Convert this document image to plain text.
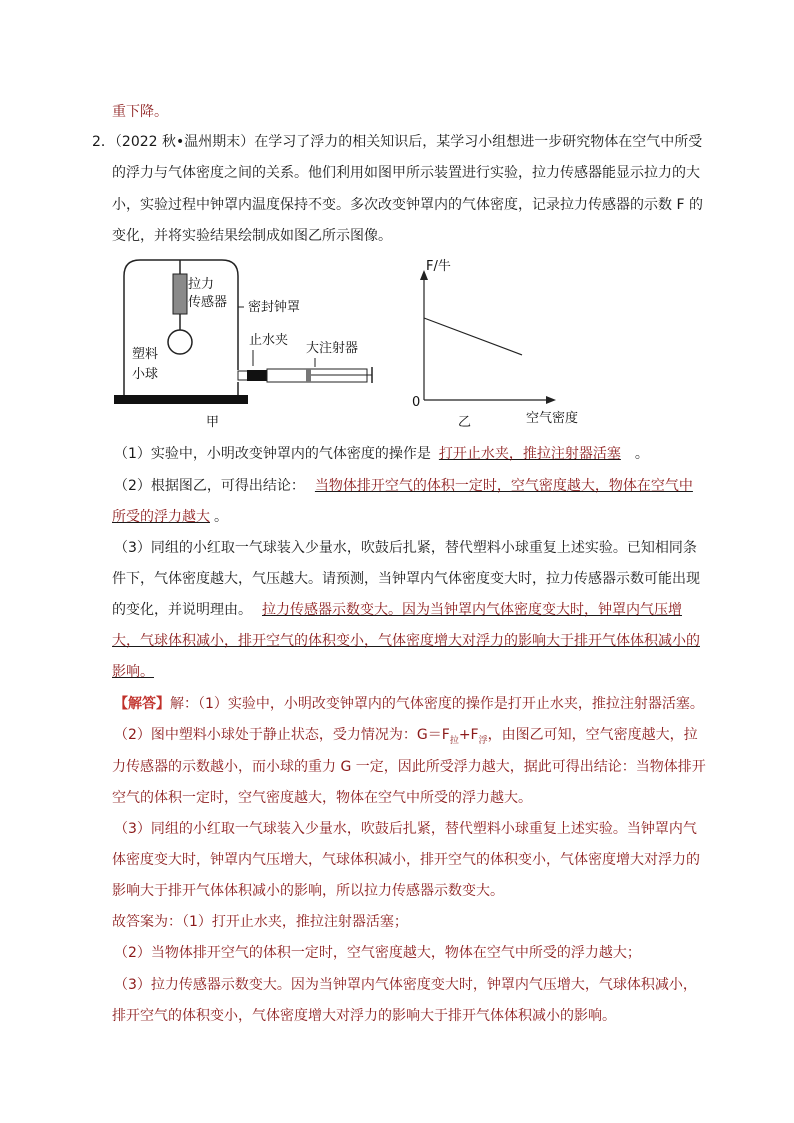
重下降。
2．（2022 秋•温州期末）在学习了浮力的相关知识后，某学习小组想进一步研究物体在空气中所受
的浮力与气体密度之间的关系。他们利用如图甲所示装置进行实验，拉力传感器能显示拉力的大
小，实验过程中钟罩内温度保持不变。多次改变钟罩内的气体密度，记录拉力传感器的示数 F 的
变化，并将实验结果绘制成如图乙所示图像。
拉力
传感器 密封钟罩
塑料
小球
止水夹
大注射器
甲
F/牛
0
空气密度
乙
（1）实验中，小明改变钟罩内的气体密度的操作是 打开止水夹，推拉注射器活塞 。
（2）根据图乙，可得出结论： 当物体排开空气的体积一定时，空气密度越大，物体在空气中
所受的浮力越大 。
（3）同组的小红取一气球装入少量水，吹鼓后扎紧，替代塑料小球重复上述实验。已知相同条
件下，气体密度越大，气压越大。请预测，当钟罩内气体密度变大时，拉力传感器示数可能出现
的变化，并说明理由。 拉力传感器示数变大。因为当钟罩内气体密度变大时，钟罩内气压增
大，气球体积减小，排开空气的体积变小，气体密度增大对浮力的影响大于排开气体体积减小的
影响。
【解答】解：（1）实验中，小明改变钟罩内的气体密度的操作是打开止水夹，推拉注射器活塞。
（2）图中塑料小球处于静止状态，受力情况为：$G=F_拉+F_浮$，由图乙可知，空气密度越大，拉
力传感器的示数越小，而小球的重力 G 一定，因此所受浮力越大，据此可得出结论：当物体排开
空气的体积一定时，空气密度越大，物体在空气中所受的浮力越大。
（3）同组的小红取一气球装入少量水，吹鼓后扎紧，替代塑料小球重复上述实验。当钟罩内气
体密度变大时，钟罩内气压增大，气球体积减小，排开空气的体积变小，气体密度增大对浮力的
影响大于排开气体体积减小的影响，所以拉力传感器示数变大。
故答案为：（1）打开止水夹，推拉注射器活塞；
（2）当物体排开空气的体积一定时，空气密度越大，物体在空气中所受的浮力越大；
（3）拉力传感器示数变大。因为当钟罩内气体密度变大时，钟罩内气压增大，气球体积减小，
排开空气的体积变小，气体密度增大对浮力的影响大于排开气体体积减小的影响。
